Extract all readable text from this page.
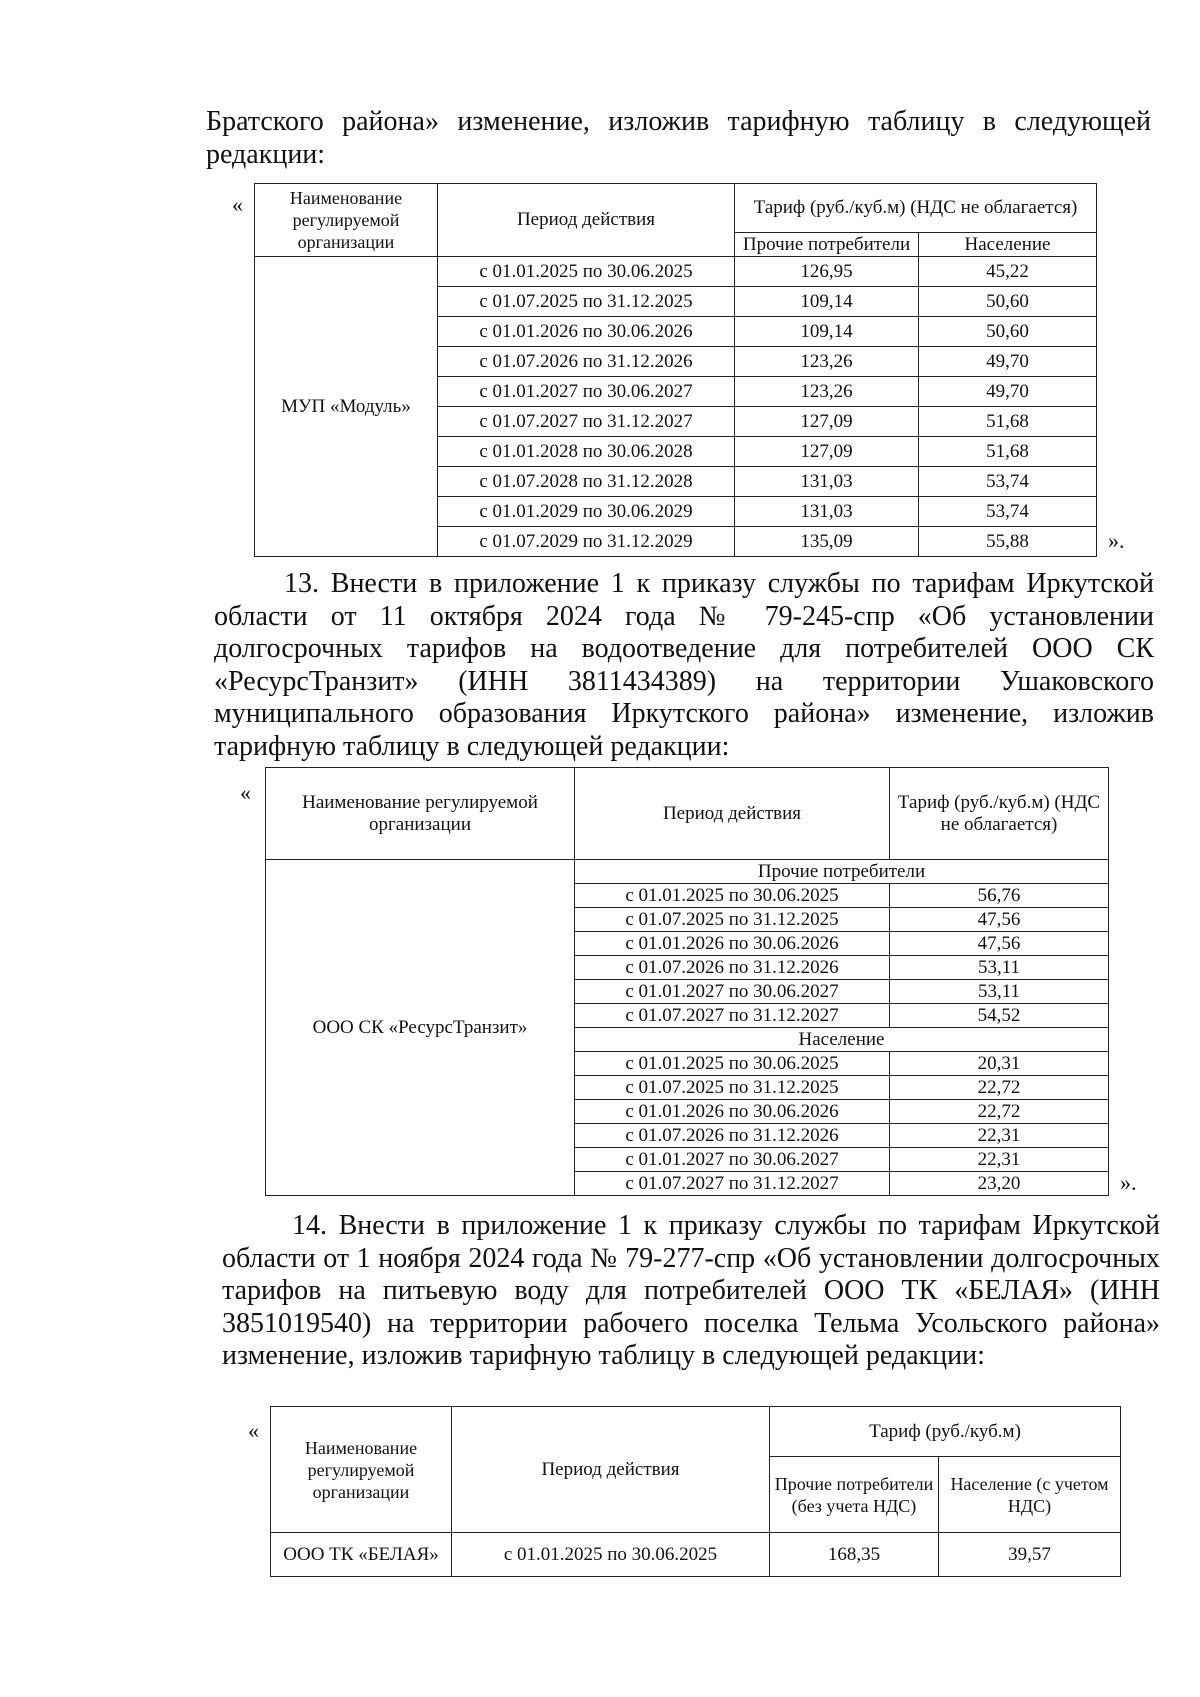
Братского района» изменение, изложив тарифную таблицу в следующей редакции:

«	Наименование регулируемой организации	Период действия	Тариф (руб./куб.м) (НДС не облагается)	
		Прочие потребители	Население
МУП «Модуль»	с 01.01.2025 по 30.06.2025	126,95	45,22
	с 01.07.2025 по 31.12.2025	109,14	50,60
	с 01.01.2026 по 30.06.2026	109,14	50,60
	с 01.07.2026 по 31.12.2026	123,26	49,70
	с 01.01.2027 по 30.06.2027	123,26	49,70
	с 01.07.2027 по 31.12.2027	127,09	51,68
	с 01.01.2028 по 30.06.2028	127,09	51,68
	с 01.07.2028 по 31.12.2028	131,03	53,74
	с 01.01.2029 по 30.06.2029	131,03	53,74
	с 01.07.2029 по 31.12.2029	135,09	55,88	».

13. Внести в приложение 1 к приказу службы по тарифам Иркутской области от 11 октября 2024 года № 79-245-спр «Об установлении долгосрочных тарифов на водоотведение для потребителей ООО СК «РесурсТранзит» (ИНН 3811434389) на территории Ушаковского муниципального образования Иркутского района» изменение, изложив тарифную таблицу в следующей редакции:

«	Наименование регулируемой организации	Период действия	Тариф (руб./куб.м) (НДС не облагается)
ООО СК «РесурсТранзит»	Прочие потребители	
	с 01.01.2025 по 30.06.2025	56,76
	с 01.07.2025 по 31.12.2025	47,56
	с 01.01.2026 по 30.06.2026	47,56
	с 01.07.2026 по 31.12.2026	53,11
	с 01.01.2027 по 30.06.2027	53,11
	с 01.07.2027 по 31.12.2027	54,52
	Население	
	с 01.01.2025 по 30.06.2025	20,31
	с 01.07.2025 по 31.12.2025	22,72
	с 01.01.2026 по 30.06.2026	22,72
	с 01.07.2026 по 31.12.2026	22,31
	с 01.01.2027 по 30.06.2027	22,31
	с 01.07.2027 по 31.12.2027	23,20	».

14. Внести в приложение 1 к приказу службы по тарифам Иркутской области от 1 ноября 2024 года № 79-277-спр «Об установлении долгосрочных тарифов на питьевую воду для потребителей ООО ТК «БЕЛАЯ» (ИНН 3851019540) на территории рабочего поселка Тельма Усольского района» изменение, изложив тарифную таблицу в следующей редакции:

«
Наименование регулируемой организации	Период действия	Тариф (руб./куб.м)	
		Прочие потребители (без учета НДС)	Население (с учетом НДС)
ООО ТК «БЕЛАЯ»	с 01.01.2025 по 30.06.2025	168,35	39,57
